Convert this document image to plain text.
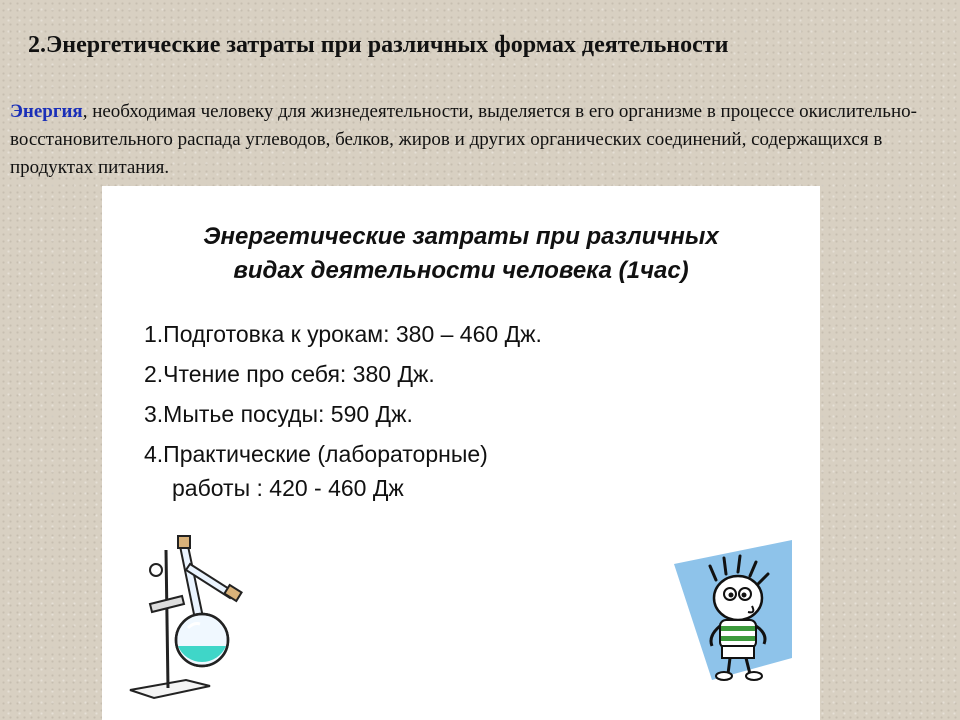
2.Энергетические затраты при различных формах деятельности

Энергия, необходимая человеку для жизнедеятельности, выделяется в его организме в процессе окислительно-восстановительного распада углеводов, белков, жиров и других органических соединений, содержащихся в продуктах питания.

Энергетические затраты при различных
видах деятельности человека (1час)
1.Подготовка к урокам: 380 – 460 Дж.
2.Чтение про себя: 380 Дж.
3.Мытье посуды: 590 Дж.
4.Практические (лабораторные)
работы : 420 - 460 Дж
